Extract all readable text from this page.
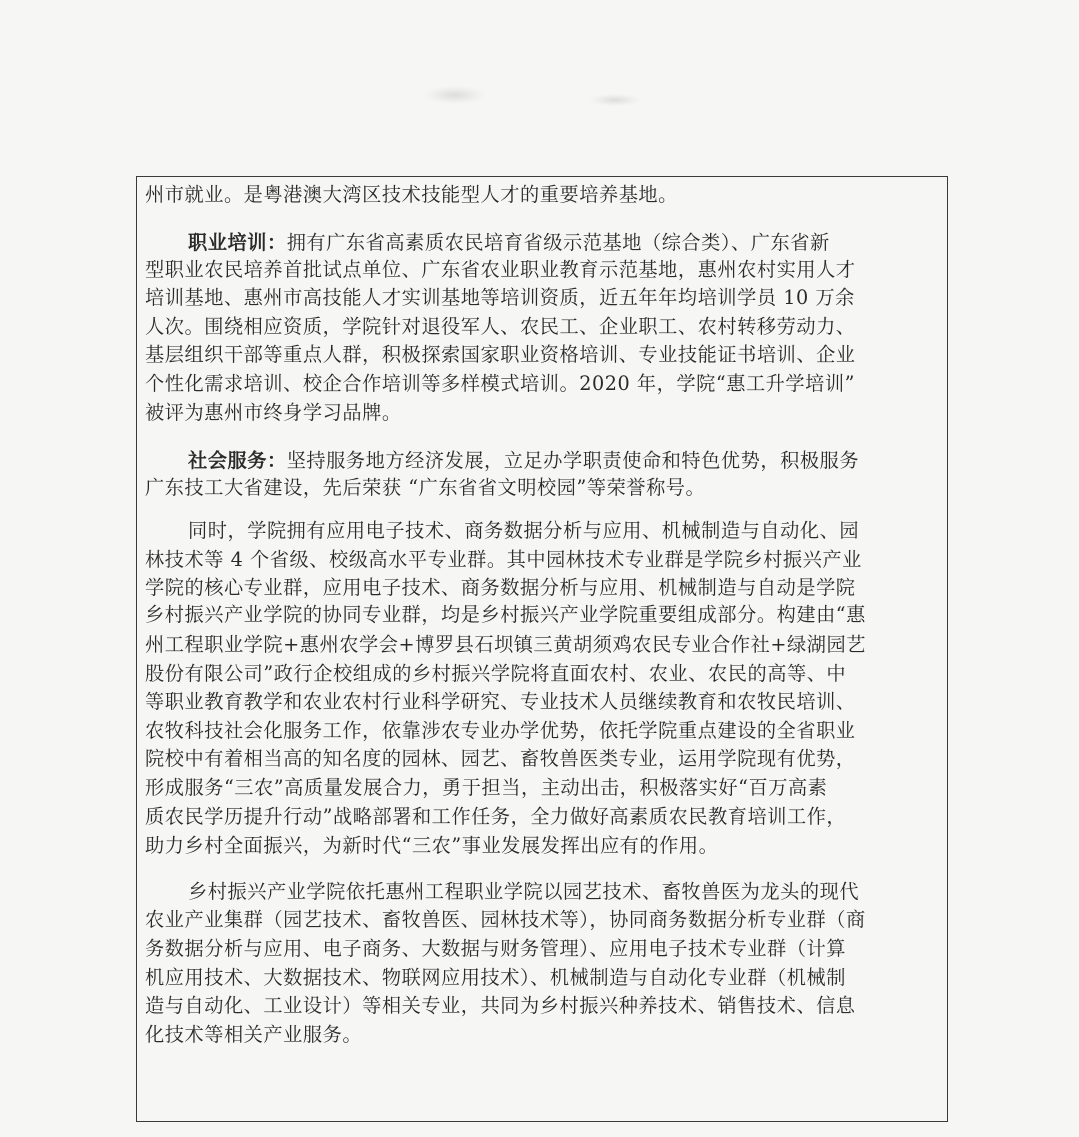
州市就业。是粤港澳大湾区技术技能型人才的重要培养基地。
职业培训：拥有广东省高素质农民培育省级示范基地（综合类）、广东省新
型职业农民培养首批试点单位、广东省农业职业教育示范基地，惠州农村实用人才
培训基地、惠州市高技能人才实训基地等培训资质，近五年年均培训学员 10 万余
人次。围绕相应资质，学院针对退役军人、农民工、企业职工、农村转移劳动力、
基层组织干部等重点人群，积极探索国家职业资格培训、专业技能证书培训、企业
个性化需求培训、校企合作培训等多样模式培训。2020 年，学院“惠工升学培训”
被评为惠州市终身学习品牌。
社会服务：坚持服务地方经济发展，立足办学职责使命和特色优势，积极服务
广东技工大省建设，先后荣获 “广东省省文明校园”等荣誉称号。
同时，学院拥有应用电子技术、商务数据分析与应用、机械制造与自动化、园
林技术等 4 个省级、校级高水平专业群。其中园林技术专业群是学院乡村振兴产业
学院的核心专业群，应用电子技术、商务数据分析与应用、机械制造与自动是学院
乡村振兴产业学院的协同专业群，均是乡村振兴产业学院重要组成部分。构建由“惠
州工程职业学院+惠州农学会+博罗县石坝镇三黄胡须鸡农民专业合作社+绿湖园艺
股份有限公司”政行企校组成的乡村振兴学院将直面农村、农业、农民的高等、中
等职业教育教学和农业农村行业科学研究、专业技术人员继续教育和农牧民培训、
农牧科技社会化服务工作，依靠涉农专业办学优势，依托学院重点建设的全省职业
院校中有着相当高的知名度的园林、园艺、畜牧兽医类专业，运用学院现有优势，
形成服务“三农”高质量发展合力，勇于担当，主动出击，积极落实好“百万高素
质农民学历提升行动”战略部署和工作任务，全力做好高素质农民教育培训工作，
助力乡村全面振兴，为新时代“三农”事业发展发挥出应有的作用。
乡村振兴产业学院依托惠州工程职业学院以园艺技术、畜牧兽医为龙头的现代
农业产业集群（园艺技术、畜牧兽医、园林技术等），协同商务数据分析专业群（商
务数据分析与应用、电子商务、大数据与财务管理）、应用电子技术专业群（计算
机应用技术、大数据技术、物联网应用技术）、机械制造与自动化专业群（机械制
造与自动化、工业设计）等相关专业，共同为乡村振兴种养技术、销售技术、信息
化技术等相关产业服务。
